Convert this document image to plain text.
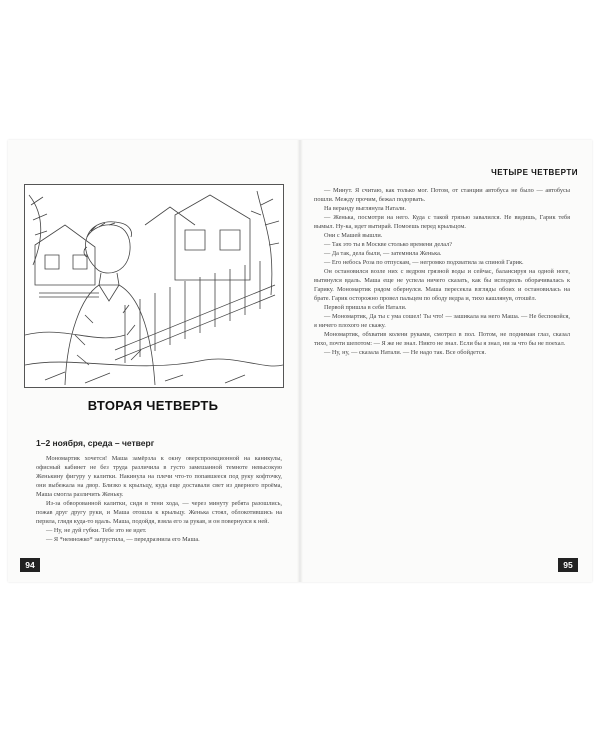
ВТОРАЯ ЧЕТВЕРТЬ
1–2 ноября, среда – четверг

Мономартик хочется! Маша замёрзла к окну оверспроекционной на каникулы, офисный кабинет не без труда различила в густо замешанной темноте невысокую Женькину фигуру у калитки. Накинула на плечи что-то попавшееся под руку кофточку, они выбежала на двор. Близко к крыльцу, куда еще доставали свет из дверного проёма, Маша смогла различить Женьку.

Из-за обворованной калитки, сидя в тени хода, — через минуту ребята разошлись, пожав друг другу руки, и Маша отошла к крыльцу. Женька стоял, облокотившись на перила, глядя куда-то вдаль. Маша, подойдя, взяла его за рукав, и он повернулся к ней.

— Ну, не дуй губки. Тебе это не идет.

— Я *немножко* загрустила, — передразнила его Маша.

94
ЧЕТЫРЕ ЧЕТВЕРТИ

— Минут. Я считаю, как только мог. Потом, от станции автобуса не было — автобусы пошли. Между прочим, бежал подорвать.

На веранду выглянула Натали.

— Женька, посмотри на него. Куда с такой грязью завалился. Не видишь, Гарик тебя вымыл. Ну-ка, идет вытирай. Помоешь перед крыльцом.

Они с Машей вышли.

— Так это ты в Москве столько времени делал?

— Да так, дела были, — затемнила Женька.

— Его небось Роза по отпускам, — негромко подхватила за спиной Гарик.

Он остановился возле них с ведром грязной воды и сейчас, балансируя на одной ноге, вытянулся вдаль. Маша еще не успела ничего сказать, как бы исподволь оборачивалась к Гарику. Мономартик рядом обернулся. Маша пересекла взгляды обоих и остановилась на брате. Гарик осторожно провел пальцем по ободу ведра и, тихо кашлянув, отошёл.

Первой пришла в себя Натали.

— Мономартик, Да ты с ума сошел! Ты что! — зашикала на него Маша. — Не беспокойся, я ничего плохого не скажу.

Мономартик, обхватив колени руками, смотрел в пол. Потом, не поднимая глаз, сказал тихо, почти шепотом: — Я же не знал. Никто не знал. Если бы я знал, ни за что бы не поехал.

— Ну, ну, — сказала Натали. — Не надо так. Все обойдется.

95
